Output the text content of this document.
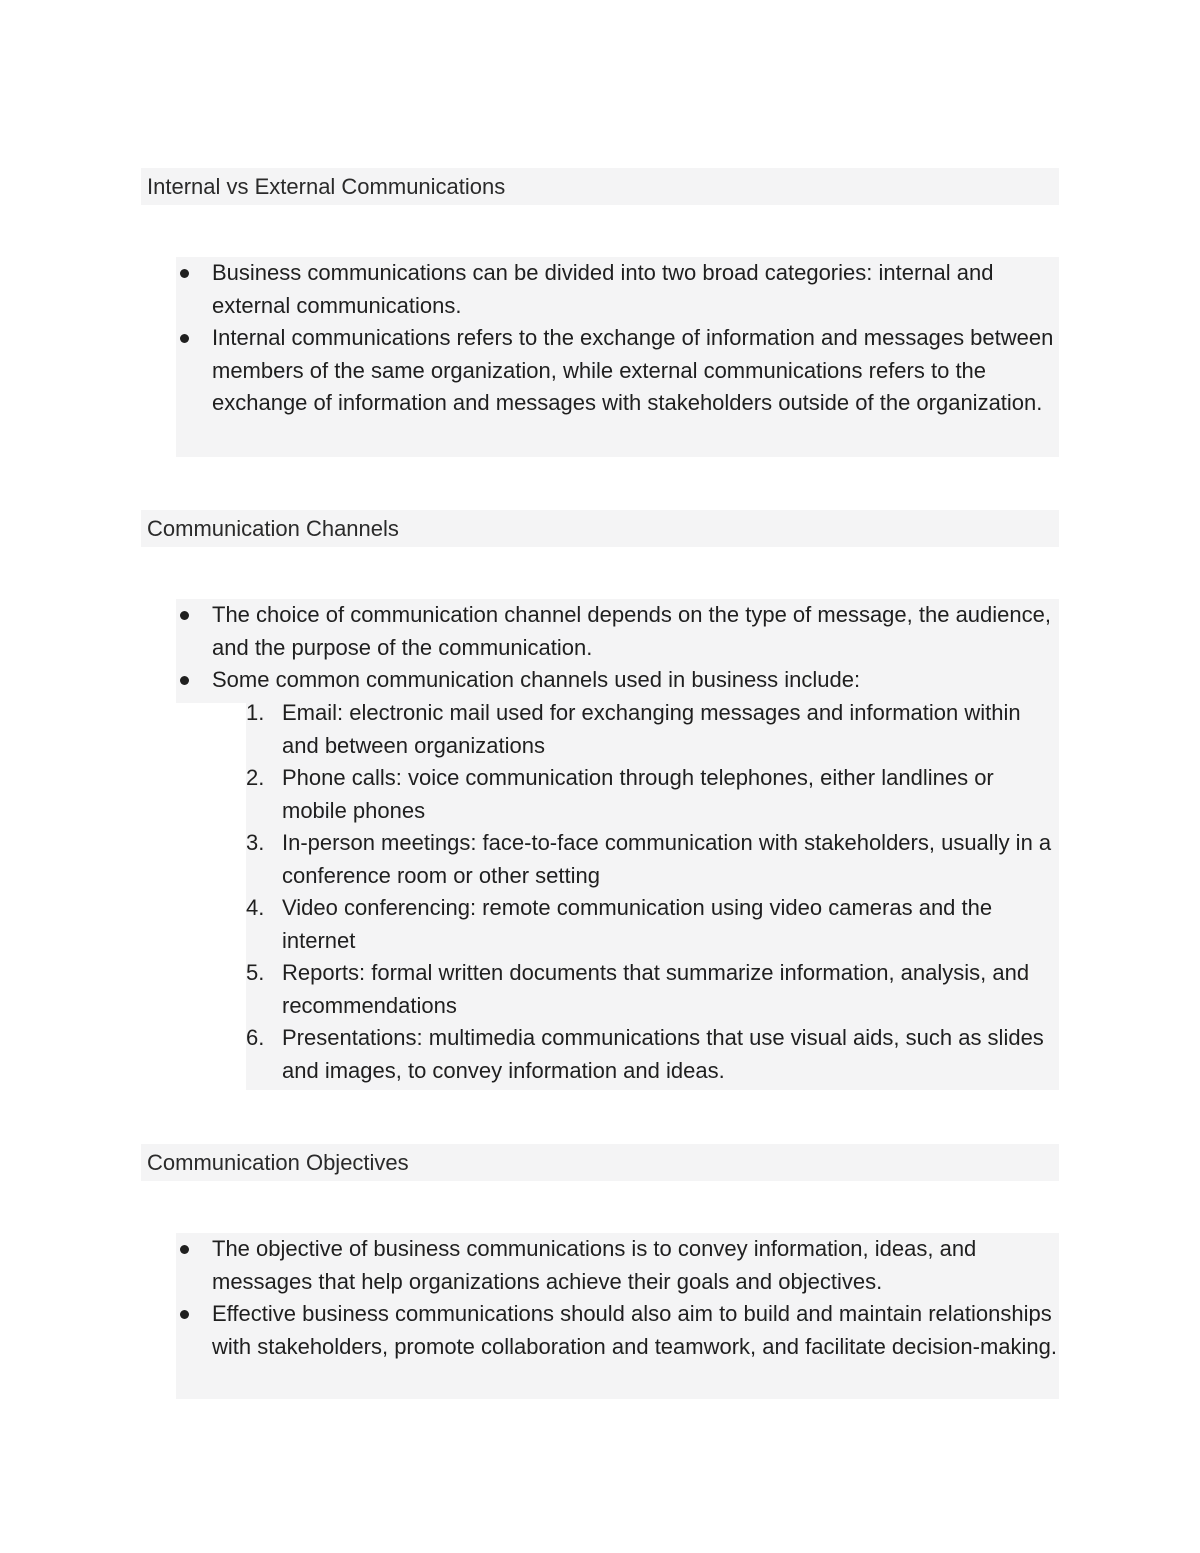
Internal vs External Communications
Business communications can be divided into two broad categories: internal and external communications.
Internal communications refers to the exchange of information and messages between members of the same organization, while external communications refers to the exchange of information and messages with stakeholders outside of the organization.
Communication Channels
The choice of communication channel depends on the type of message, the audience, and the purpose of the communication.
Some common communication channels used in business include:
1. Email: electronic mail used for exchanging messages and information within and between organizations
2. Phone calls: voice communication through telephones, either landlines or mobile phones
3. In-person meetings: face-to-face communication with stakeholders, usually in a conference room or other setting
4. Video conferencing: remote communication using video cameras and the internet
5. Reports: formal written documents that summarize information, analysis, and recommendations
6. Presentations: multimedia communications that use visual aids, such as slides and images, to convey information and ideas.
Communication Objectives
The objective of business communications is to convey information, ideas, and messages that help organizations achieve their goals and objectives.
Effective business communications should also aim to build and maintain relationships with stakeholders, promote collaboration and teamwork, and facilitate decision-making.
